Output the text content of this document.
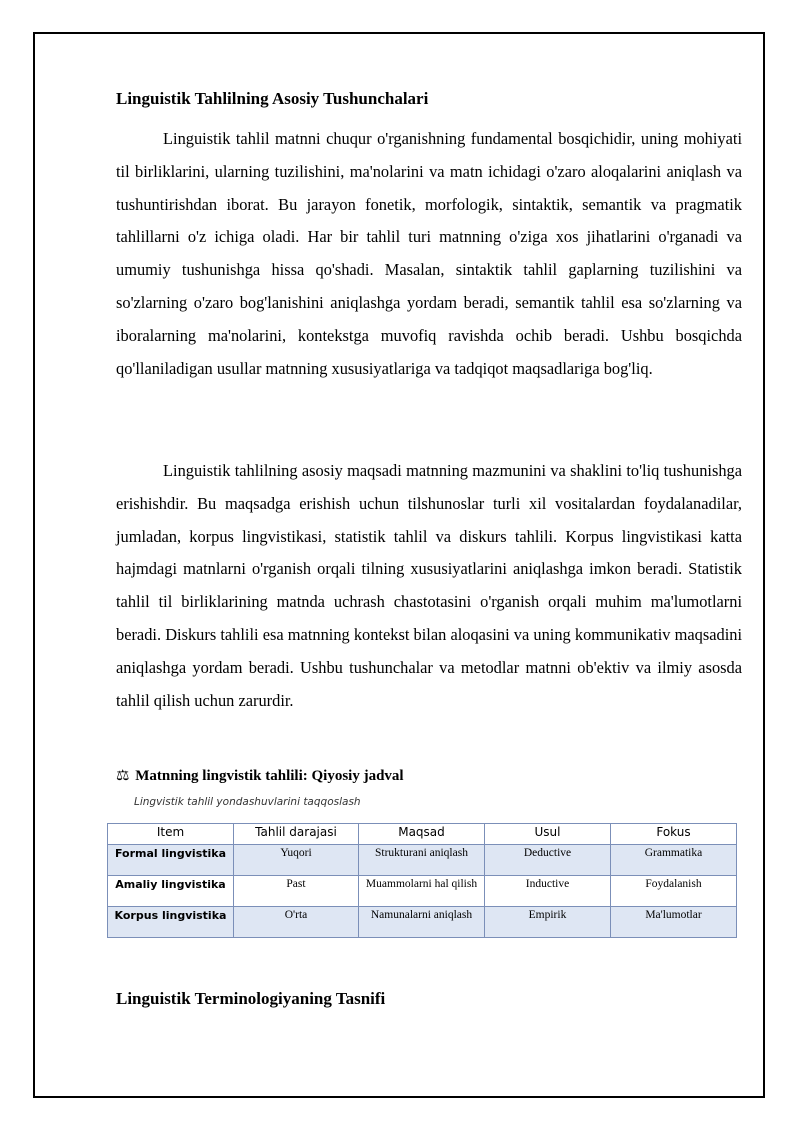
Linguistik Tahlilning Asosiy Tushunchalari

Linguistik tahlil matnni chuqur o'rganishning fundamental bosqichidir, uning mohiyati til birliklarini, ularning tuzilishini, ma'nolarini va matn ichidagi o'zaro aloqalarini aniqlash va tushuntirishdan iborat. Bu jarayon fonetik, morfologik, sintaktik, semantik va pragmatik tahlillarni o'z ichiga oladi. Har bir tahlil turi matnning o'ziga xos jihatlarini o'rganadi va umumiy tushunishga hissa qo'shadi. Masalan, sintaktik tahlil gaplarning tuzilishini va so'zlarning o'zaro bog'lanishini aniqlashga yordam beradi, semantik tahlil esa so'zlarning va iboralarning ma'nolarini, kontekstga muvofiq ravishda ochib beradi. Ushbu bosqichda qo'llaniladigan usullar matnning xususiyatlariga va tadqiqot maqsadlariga bog'liq.

Linguistik tahlilning asosiy maqsadi matnning mazmunini va shaklini to'liq tushunishga erishishdir. Bu maqsadga erishish uchun tilshunoslar turli xil vositalardan foydalanadilar, jumladan, korpus lingvistikasi, statistik tahlil va diskurs tahlili. Korpus lingvistikasi katta hajmdagi matnlarni o'rganish orqali tilning xususiyatlarini aniqlashga imkon beradi. Statistik tahlil til birliklarining matnda uchrash chastotasini o'rganish orqali muhim ma'lumotlarni beradi. Diskurs tahlili esa matnning kontekst bilan aloqasini va uning kommunikativ maqsadini aniqlashga yordam beradi. Ushbu tushunchalar va metodlar matnni ob'ektiv va ilmiy asosda tahlil qilish uchun zarurdir.

⚖ Matnning lingvistik tahlili: Qiyosiy jadval
Lingvistik tahlil yondashuvlarini taqqoslash
Item	Tahlil darajasi	Maqsad	Usul	Fokus
Formal lingvistika	Yuqori	Strukturani aniqlash	Deductive	Grammatika
Amaliy lingvistika	Past	Muammolarni hal qilish	Inductive	Foydalanish
Korpus lingvistika	O'rta	Namunalarni aniqlash	Empirik	Ma'lumotlar
Linguistik Terminologiyaning Tasnifi
